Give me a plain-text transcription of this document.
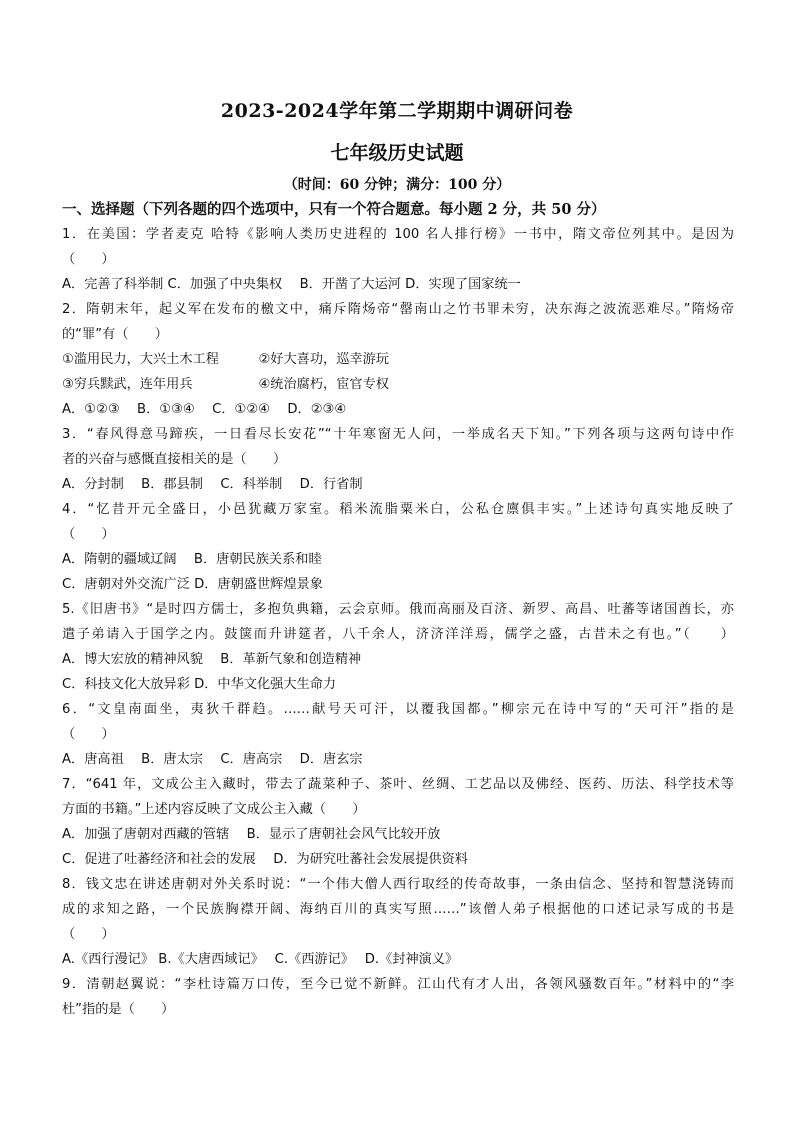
2023-2024学年第二学期期中调研问卷
七年级历史试题
（时间：60 分钟；满分：100 分）
一、选择题（下列各题的四个选项中，只有一个符合题意。每小题 2 分，共 50 分）
1．在美国：学者麦克 哈特《影响人类历史进程的 100 名人排行榜》一书中，隋文帝位列其中。是因为
（　　）
A．完善了科举制 C．加强了中央集权　 B．开凿了大运河 D．实现了国家统一
2．隋朝末年，起义军在发布的檄文中，痛斥隋炀帝“罄南山之竹书罪未穷，决东海之波流恶难尽。”隋炀帝
的“罪”有（　　）
①滥用民力，大兴土木工程　　　②好大喜功，巡幸游玩
③穷兵黩武，连年用兵　　　　　④统治腐朽，宦官专权
A．①②③　 B．①③④　 C．①②④　 D．②③④
3．“春风得意马蹄疾，一日看尽长安花”“十年寒窗无人问，一举成名天下知。”下列各项与这两句诗中作
者的兴奋与感慨直接相关的是（　　）
A．分封制　 B．郡县制　 C．科举制　 D．行省制
4．“忆昔开元全盛日，小邑犹藏万家室。稻米流脂粟米白，公私仓廪俱丰实。”上述诗句真实地反映了
（　　）
A．隋朝的疆域辽阔　 B．唐朝民族关系和睦
C．唐朝对外交流广泛 D．唐朝盛世辉煌景象
5.《旧唐书》“是时四方儒士，多抱负典籍，云会京师。俄而高丽及百济、新罗、高昌、吐蕃等诸国酋长，亦
遣子弟请入于国学之内。鼓箧而升讲筵者，八千余人，济济洋洋焉，儒学之盛，古昔未之有也。”（　　）
A．博大宏放的精神风貌　 B．革新气象和创造精神
C．科技文化大放异彩 D．中华文化强大生命力
6．“文皇南面坐，夷狄千群趋。……献号天可汗，以覆我国都。”柳宗元在诗中写的“天可汗”指的是
（　　）
A．唐高祖　 B．唐太宗　 C．唐高宗　 D．唐玄宗
7．“641 年，文成公主入藏时，带去了蔬菜种子、茶叶、丝绸、工艺品以及佛经、医药、历法、科学技术等
方面的书籍。”上述内容反映了文成公主入藏（　　）
A．加强了唐朝对西藏的管辖　 B．显示了唐朝社会风气比较开放
C．促进了吐蕃经济和社会的发展　 D．为研究吐蕃社会发展提供资料
8．钱文忠在讲述唐朝对外关系时说：“一个伟大僧人西行取经的传奇故事，一条由信念、坚持和智慧浇铸而
成的求知之路，一个民族胸襟开阔、海纳百川的真实写照……”该僧人弟子根据他的口述记录写成的书是
（　　）
A.《西行漫记》 B.《大唐西域记》　 C.《西游记》　 D.《封神演义》
9．清朝赵翼说：“李杜诗篇万口传，至今已觉不新鲜。江山代有才人出，各领风骚数百年。”材料中的“李
杜”指的是（　　）
